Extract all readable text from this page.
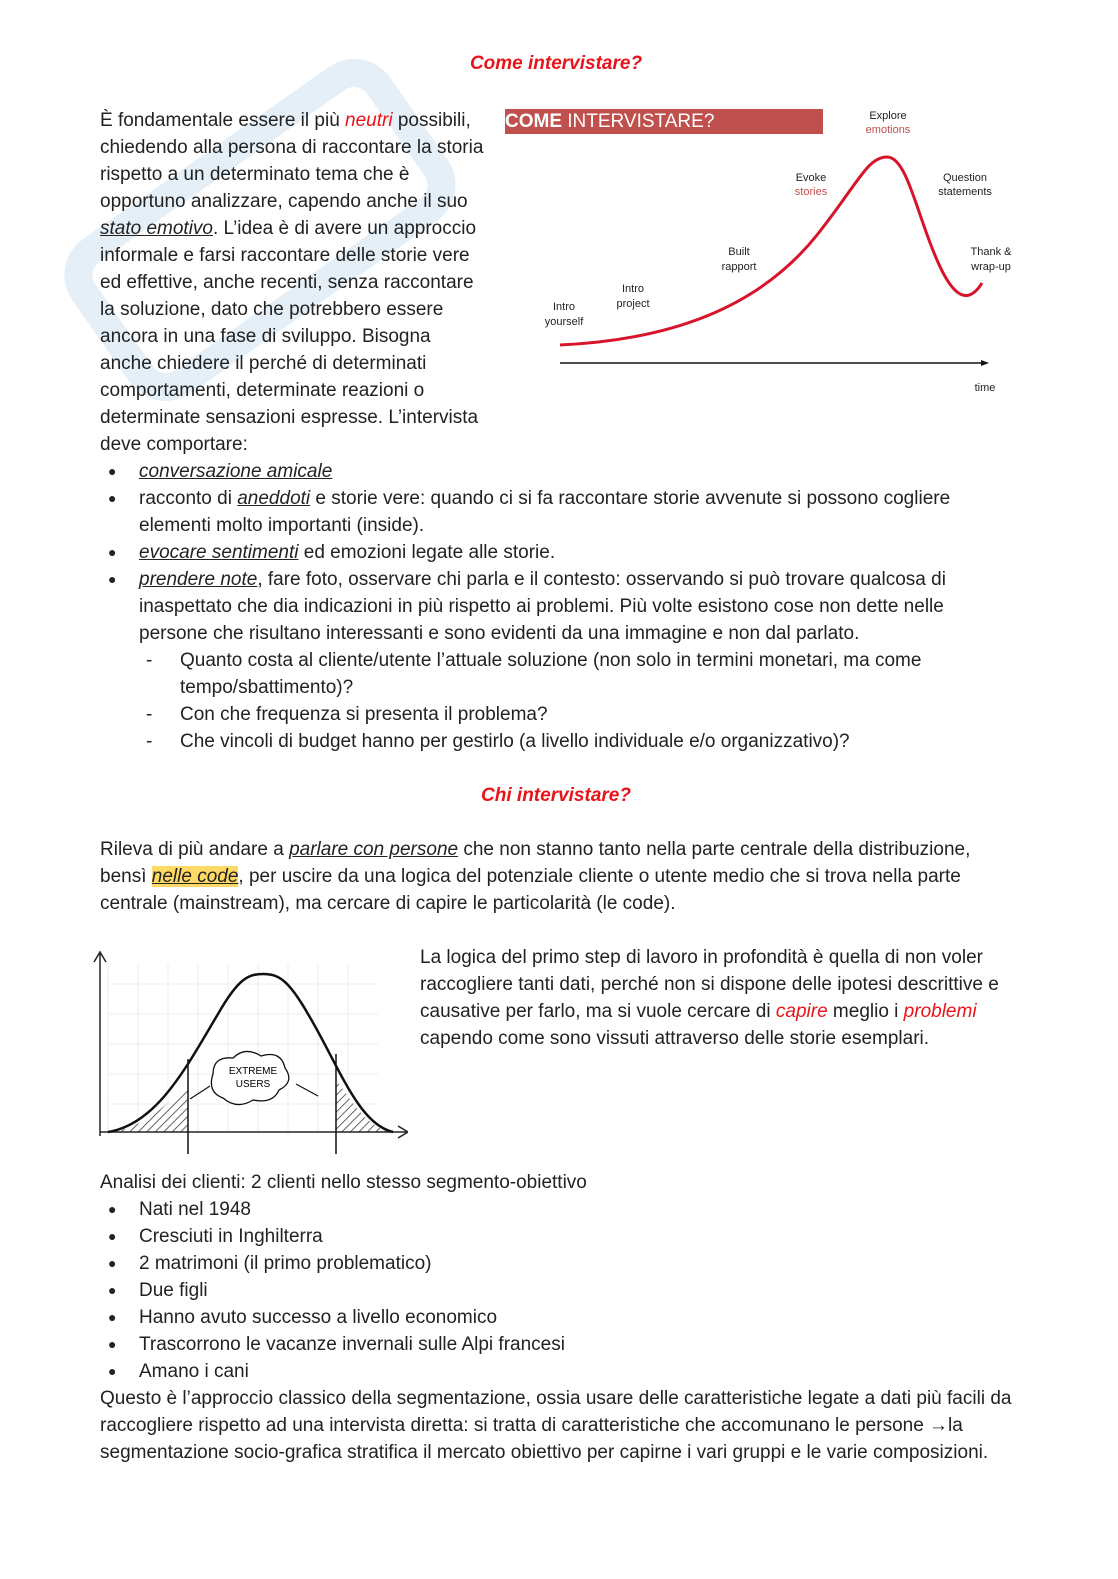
Come intervistare?
COME INTERVISTARE?
Intro
yourself
Intro
project
Built
rapport
Evoke
stories
Explore
emotions
Question
statements
Thank &
wrap-up
time

È fondamentale essere il più neutri possibili, chiedendo alla persona di raccontare la storia rispetto a un determinato tema che è opportuno analizzare, capendo anche il suo stato emotivo. L’idea è di avere un approccio informale e farsi raccontare delle storie vere ed effettive, anche recenti, senza raccontare la soluzione, dato che potrebbero essere ancora in una fase di sviluppo. Bisogna anche chiedere il perché di determinati comportamenti, determinate reazioni o determinate sensazioni espresse. L’intervista deve comportare:

● conversazione amicale
● racconto di aneddoti e storie vere: quando ci si fa raccontare storie avvenute si possono cogliere elementi molto importanti (inside).
● evocare sentimenti ed emozioni legate alle storie.
● prendere note, fare foto, osservare chi parla e il contesto: osservando si può trovare qualcosa di inaspettato che dia indicazioni in più rispetto ai problemi. Più volte esistono cose non dette nelle persone che risultano interessanti e sono evidenti da una immagine e non dal parlato.
- Quanto costa al cliente/utente l’attuale soluzione (non solo in termini monetari, ma come tempo/sbattimento)?
- Con che frequenza si presenta il problema?
- Che vincoli di budget hanno per gestirlo (a livello individuale e/o organizzativo)?
Chi intervistare?

Rileva di più andare a parlare con persone che non stanno tanto nella parte centrale della distribuzione, bensì nelle code, per uscire da una logica del potenziale cliente o utente medio che si trova nella parte centrale (mainstream), ma cercare di capire le particolarità (le code).

EXTREME
USERS

La logica del primo step di lavoro in profondità è quella di non voler raccogliere tanti dati, perché non si dispone delle ipotesi descrittive e causative per farlo, ma si vuole cercare di capire meglio i problemi capendo come sono vissuti attraverso delle storie esemplari.

Analisi dei clienti: 2 clienti nello stesso segmento-obiettivo

● Nati nel 1948
● Cresciuti in Inghilterra
● 2 matrimoni (il primo problematico)
● Due figli
● Hanno avuto successo a livello economico
● Trascorrono le vacanze invernali sulle Alpi francesi
● Amano i cani

Questo è l’approccio classico della segmentazione, ossia usare delle caratteristiche legate a dati più facili da raccogliere rispetto ad una intervista diretta: si tratta di caratteristiche che accomunano le persone →la segmentazione socio-grafica stratifica il mercato obiettivo per capirne i vari gruppi e le varie composizioni.
